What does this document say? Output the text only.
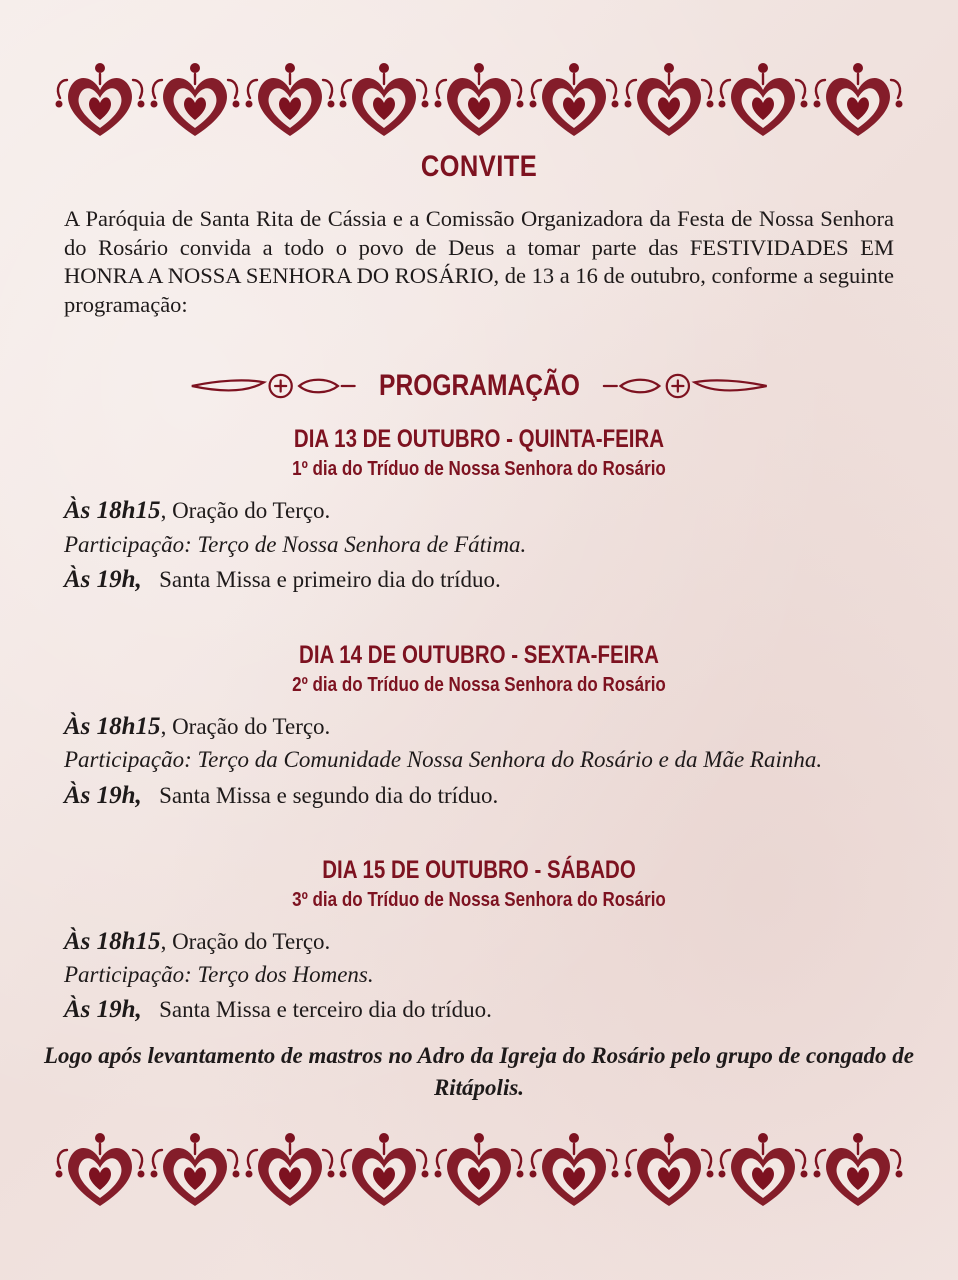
CONVITE
A Paróquia de Santa Rita de Cássia e a Comissão Organizadora da Festa de Nossa Senhora do Rosário convida a todo o povo de Deus a tomar parte das FESTIVIDADES EM HONRA A NOSSA SENHORA DO ROSÁRIO, de 13 a 16 de outubro, conforme a seguinte programação:
PROGRAMAÇÃO
DIA 13 DE OUTUBRO - QUINTA-FEIRA
1º dia do Tríduo de Nossa Senhora do Rosário
Às 18h15, Oração do Terço.
Participação: Terço de Nossa Senhora de Fátima.
Às 19h, Santa Missa e primeiro dia do tríduo.
DIA 14 DE OUTUBRO - SEXTA-FEIRA
2º dia do Tríduo de Nossa Senhora do Rosário
Às 18h15, Oração do Terço.
Participação: Terço da Comunidade Nossa Senhora do Rosário e da Mãe Rainha.
Às 19h, Santa Missa e segundo dia do tríduo.
DIA 15 DE OUTUBRO - SÁBADO
3º dia do Tríduo de Nossa Senhora do Rosário
Às 18h15, Oração do Terço.
Participação: Terço dos Homens.
Às 19h, Santa Missa e terceiro dia do tríduo.
Logo após levantamento de mastros no Adro da Igreja do Rosário pelo grupo de congado de Ritápolis.
